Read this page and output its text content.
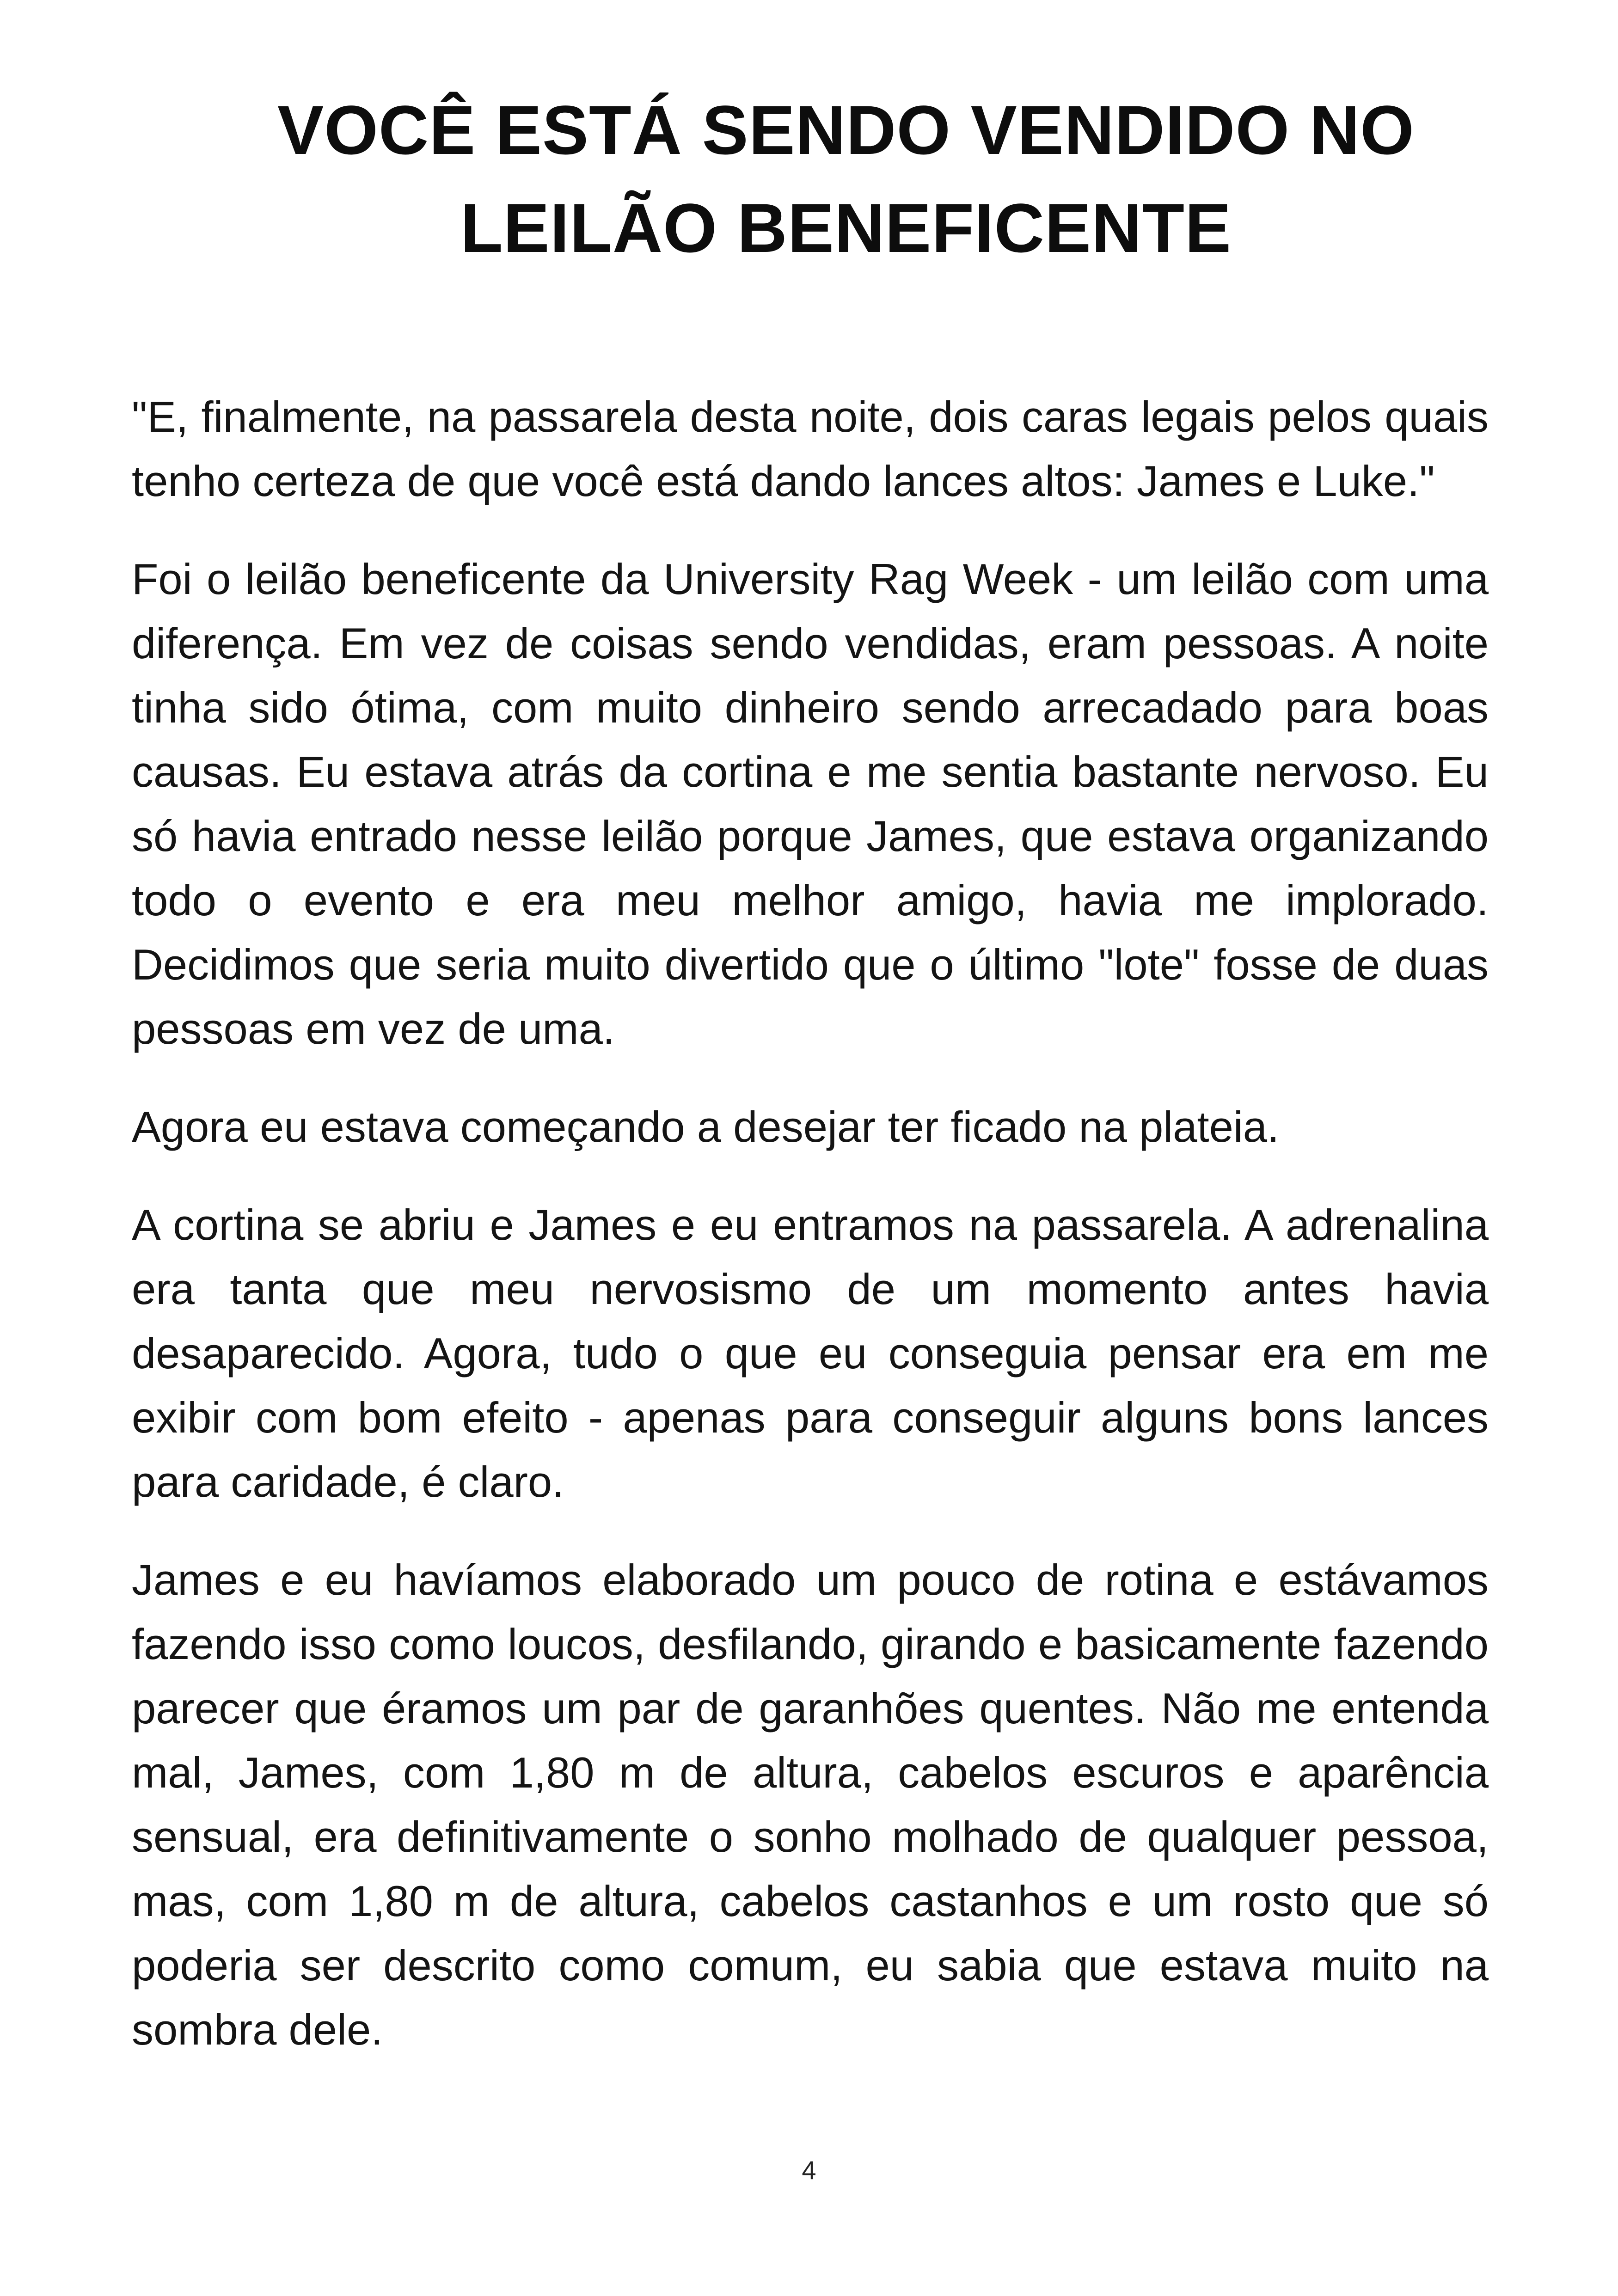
VOCÊ ESTÁ SENDO VENDIDO NO
LEILÃO BENEFICENTE

"E, finalmente, na passarela desta noite, dois caras legais pelos quais tenho certeza de que você está dando lances altos: James e Luke."

Foi o leilão beneficente da University Rag Week - um leilão com uma diferença. Em vez de coisas sendo vendidas, eram pessoas. A noite tinha sido ótima, com muito dinheiro sendo arrecadado para boas causas. Eu estava atrás da cortina e me sentia bastante nervoso. Eu só havia entrado nesse leilão porque James, que estava organizando todo o evento e era meu melhor amigo, havia me implorado. Decidimos que seria muito divertido que o último "lote" fosse de duas pessoas em vez de uma.

Agora eu estava começando a desejar ter ficado na plateia.

A cortina se abriu e James e eu entramos na passarela. A adrenalina era tanta que meu nervosismo de um momento antes havia desaparecido. Agora, tudo o que eu conseguia pensar era em me exibir com bom efeito - apenas para conseguir alguns bons lances para caridade, é claro.

James e eu havíamos elaborado um pouco de rotina e estávamos fazendo isso como loucos, desfilando, girando e basicamente fazendo parecer que éramos um par de garanhões quentes. Não me entenda mal, James, com 1,80 m de altura, cabelos escuros e aparência sensual, era definitivamente o sonho molhado de qualquer pessoa, mas, com 1,80 m de altura, cabelos castanhos e um rosto que só poderia ser descrito como comum, eu sabia que estava muito na sombra dele.

4
